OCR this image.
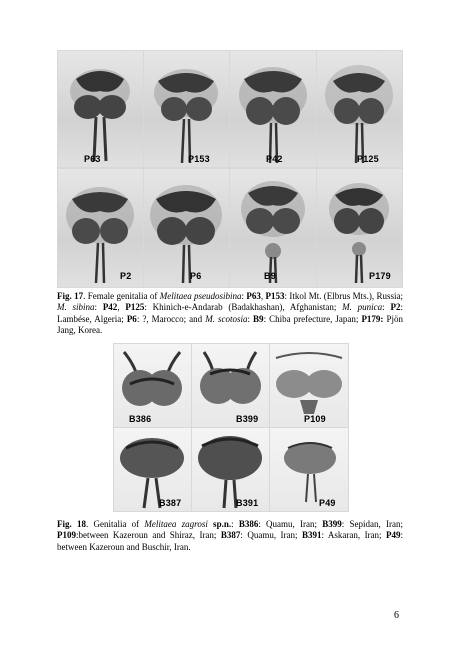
P63	P153	P42	P125
P2	P6	B9	P179
Fig. 17. Female genitalia of Melitaea pseudosibina: P63, P153: Itkol Mt. (Elbrus Mts.), Russia; M. sibina: P42, P125: Khinich-e-Andarab (Badakhashan), Afghanistan; M. punica: P2: Lambése, Algeria; P6: ?, Marocco; and M. scotosia: B9: Chiba prefecture, Japan; P179: Pjön Jang, Korea.
B386	B399	P109
B387	B391	P49
Fig. 18. Genitalia of Melitaea zagrosi sp.n.: B386: Quamu, Iran; B399: Sepidan, Iran; P109:between Kazeroun and Shiraz, Iran; B387: Quamu, Iran; B391: Askaran, Iran; P49: between Kazeroun and Buschir, Iran.
6
